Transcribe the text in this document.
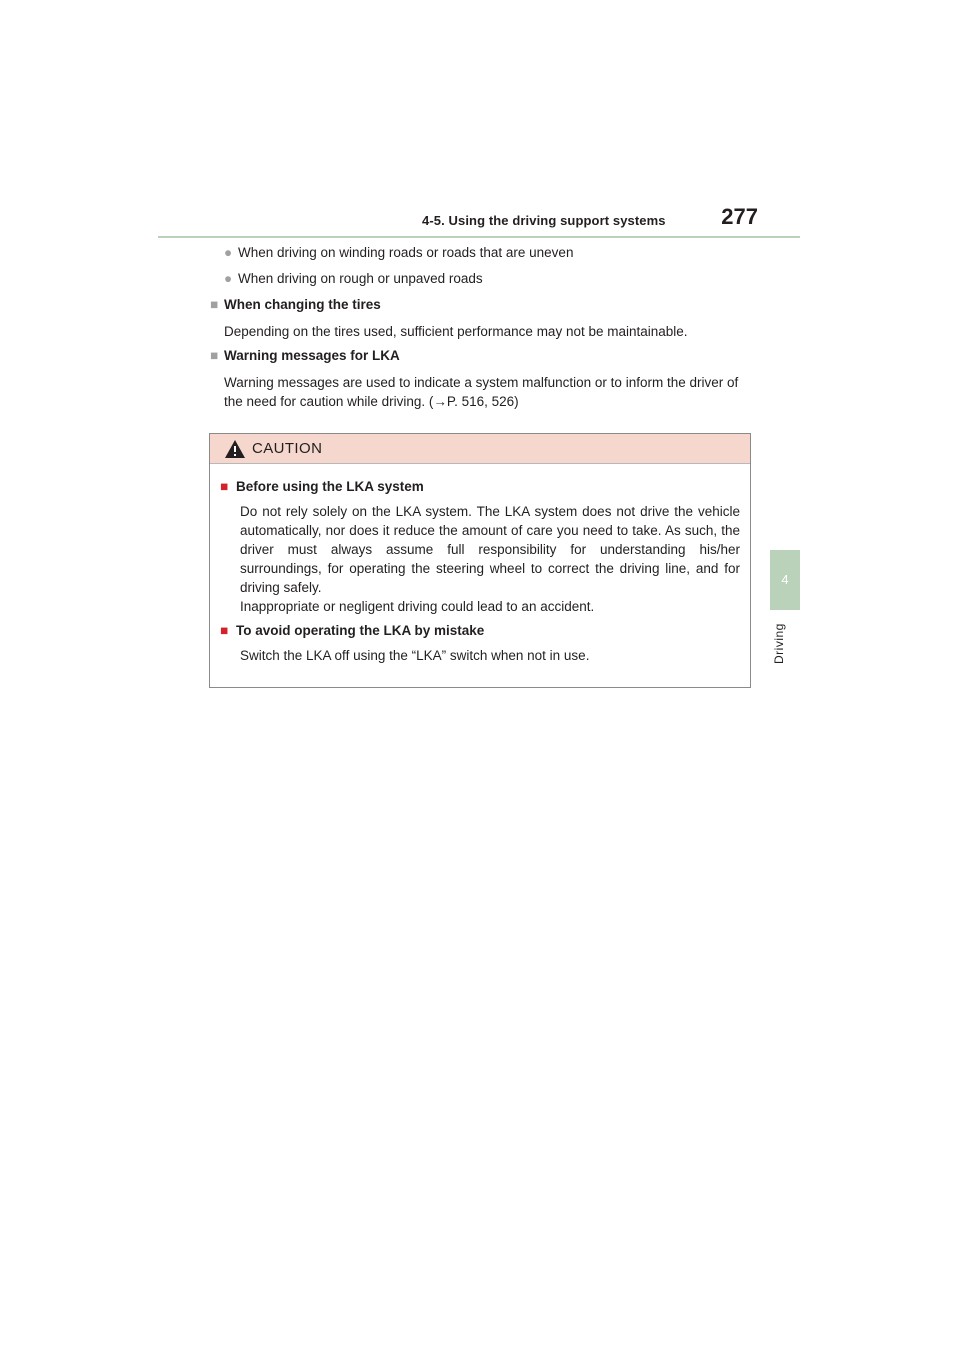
4-5. Using the driving support systems	277
4
Driving
● When driving on winding roads or roads that are uneven
● When driving on rough or unpaved roads
■ When changing the tires
Depending on the tires used, sufficient performance may not be maintainable.
■ Warning messages for LKA
Warning messages are used to indicate a system malfunction or to inform the driver of the need for caution while driving. (→P. 516, 526)
CAUTION
■ Before using the LKA system
Do not rely solely on the LKA system. The LKA system does not drive the vehicle automatically, nor does it reduce the amount of care you need to take. As such, the driver must always assume full responsibility for understanding his/her surroundings, for operating the steering wheel to correct the driving line, and for driving safely.
Inappropriate or negligent driving could lead to an accident.
■ To avoid operating the LKA by mistake
Switch the LKA off using the “LKA” switch when not in use.
